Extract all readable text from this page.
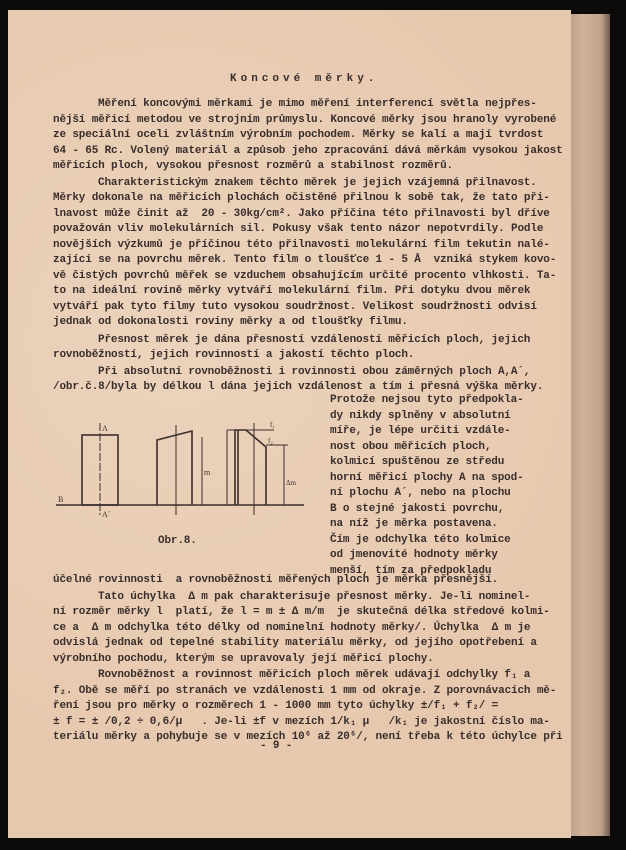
Koncové měrky.
Měření koncovými měrkami je mimo měření interferencí světla nejpřes-
nější měřicí metodou ve strojním průmyslu. Koncové měrky jsou hranoly vyrobené
ze speciální oceli zvláštním výrobním pochodem. Měrky se kalí a mají tvrdost
64 - 65 Rc. Volený materiál a způsob jeho zpracování dává měrkám vysokou jakost
měřicích ploch, vysokou přesnost rozměrů a stabilnost rozměrů.
Charakteristickým znakem těchto měrek je jejich vzájemná přilnavost.
Měrky dokonale na měřicích plochách očistěné přilnou k sobě tak, že tato při-
lnavost může činit až  20 - 30kg/cm². Jako příčina této přilnavosti byl dříve
považován vliv molekulárních sil. Pokusy však tento názor nepotvrdily. Podle
novějších výzkumů je příčinou této přilnavosti molekulární film tekutin nalé-
zající se na povrchu měrek. Tento film o tloušťce 1 - 5 Å  vzniká stykem kovo-
vě čistých povrchů měřek se vzduchem obsahujícím určité procento vlhkosti. Ta-
to na ideální rovině měrky vytváří molekulární film. Při dotyku dvou měrek
vytváří pak tyto filmy tuto vysokou soudržnost. Velikost soudržnosti odvisí
jednak od dokonalosti roviny měrky a od tloušťky filmu.
Přesnost měrek je dána přesností vzdáleností měřicích ploch, jejich
rovnoběžností, jejich rovinností a jakostí těchto ploch.
Při absolutní rovnoběžnosti i rovinnosti obou záměrných ploch A,A´,
/obr.č.8/byla by délkou l dána jejich vzdálenost a tím i přesná výška měrky.
Protože nejsou tyto předpokla-
dy nikdy splněny v absolutní
míře, je lépe určiti vzdále-
nost obou měřicích ploch,
kolmicí spuštěnou ze středu
horní měřicí plochy A na spod-
ní plochu A´, nebo na plochu
B o stejné jakosti povrchu,
na níž je měrka postavena.
Čím je odchylka této kolmice
od jmenovité hodnoty měrky
menší, tím za předpokladu
účelné rovinnosti  a rovnoběžnosti měřených ploch je měrka přesnější.
Tato úchylka  Δ m pak charakterisuje přesnost měrky. Je-li nominel-
ní rozměr měrky l  platí, že l = m ± Δ m/m  je skutečná délka středové kolmi-
ce a  Δ m odchylka této délky od nominelní hodnoty měrky/. Úchylka  Δ m je
odvislá jednak od tepelné stability materiálu měrky, od jejího opotřebení a
výrobního pochodu, kterým se upravovaly její měřicí plochy.
Rovnoběžnost a rovinnost měřicích ploch měrek udávají odchylky f₁ a
f₂. Obě se měří po stranách ve vzdálenosti 1 mm od okraje. Z porovnávacích mě-
ření jsou pro měrky o rozměrech 1 - 1000 mm tyto úchylky ±/f₁ + f₂/ =
± f = ± /0,2 ÷ 0,6/μ   . Je-li ±f v mezích 1/k₁ μ   /k₁ je jakostní číslo ma-
teriálu měrky a pohybuje se v mezích 10⁶ až 20⁶/, není třeba k této úchylce při
B
A
A´
m
Δm
f₁
f₂
Obr.8.
- 9 -
